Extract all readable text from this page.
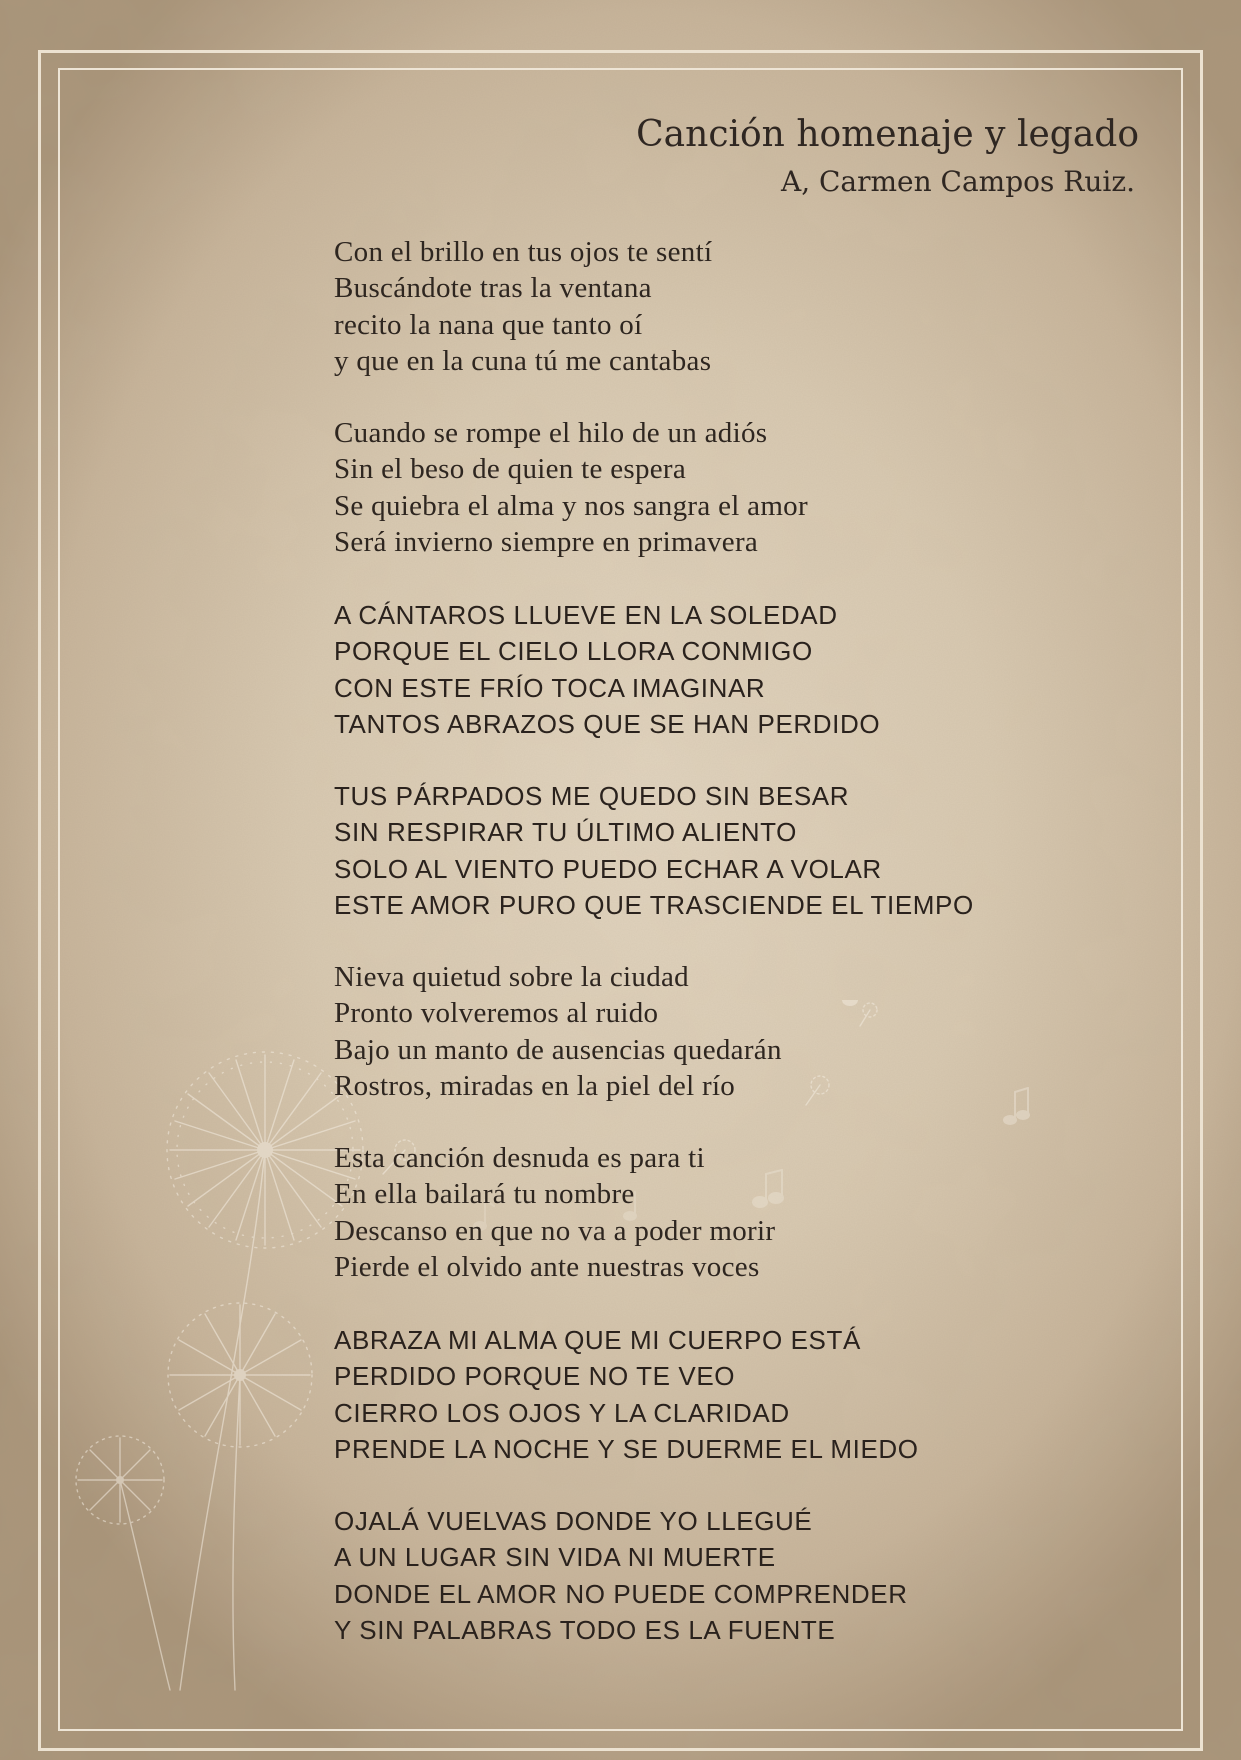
Canción homenaje y legado
A, Carmen Campos Ruiz.
Con el brillo en tus ojos te sentí
Buscándote tras la ventana
recito la nana que tanto oí
y que en la cuna tú me cantabas
Cuando se rompe el hilo de un adiós
Sin el beso de quien te espera
Se quiebra el alma y nos sangra el amor
Será invierno siempre en primavera
A CÁNTAROS LLUEVE EN LA SOLEDAD
PORQUE EL CIELO LLORA CONMIGO
CON ESTE FRÍO TOCA IMAGINAR
TANTOS ABRAZOS QUE SE HAN PERDIDO
TUS PÁRPADOS ME QUEDO SIN BESAR
SIN RESPIRAR TU ÚLTIMO ALIENTO
SOLO AL VIENTO PUEDO ECHAR A VOLAR
ESTE AMOR PURO QUE TRASCIENDE EL TIEMPO
Nieva quietud sobre la ciudad
Pronto volveremos al ruido
Bajo un manto de ausencias quedarán
Rostros, miradas en la piel del río
Esta canción desnuda es para ti
En ella bailará tu nombre
Descanso en que no va a poder morir
Pierde el olvido ante nuestras voces
ABRAZA MI ALMA QUE MI CUERPO ESTÁ
PERDIDO PORQUE NO TE VEO
CIERRO LOS OJOS Y LA CLARIDAD
PRENDE LA NOCHE Y SE DUERME EL MIEDO
OJALÁ VUELVAS DONDE YO LLEGUÉ
A UN LUGAR SIN VIDA NI MUERTE
DONDE EL AMOR NO PUEDE COMPRENDER
Y SIN PALABRAS TODO ES LA FUENTE
